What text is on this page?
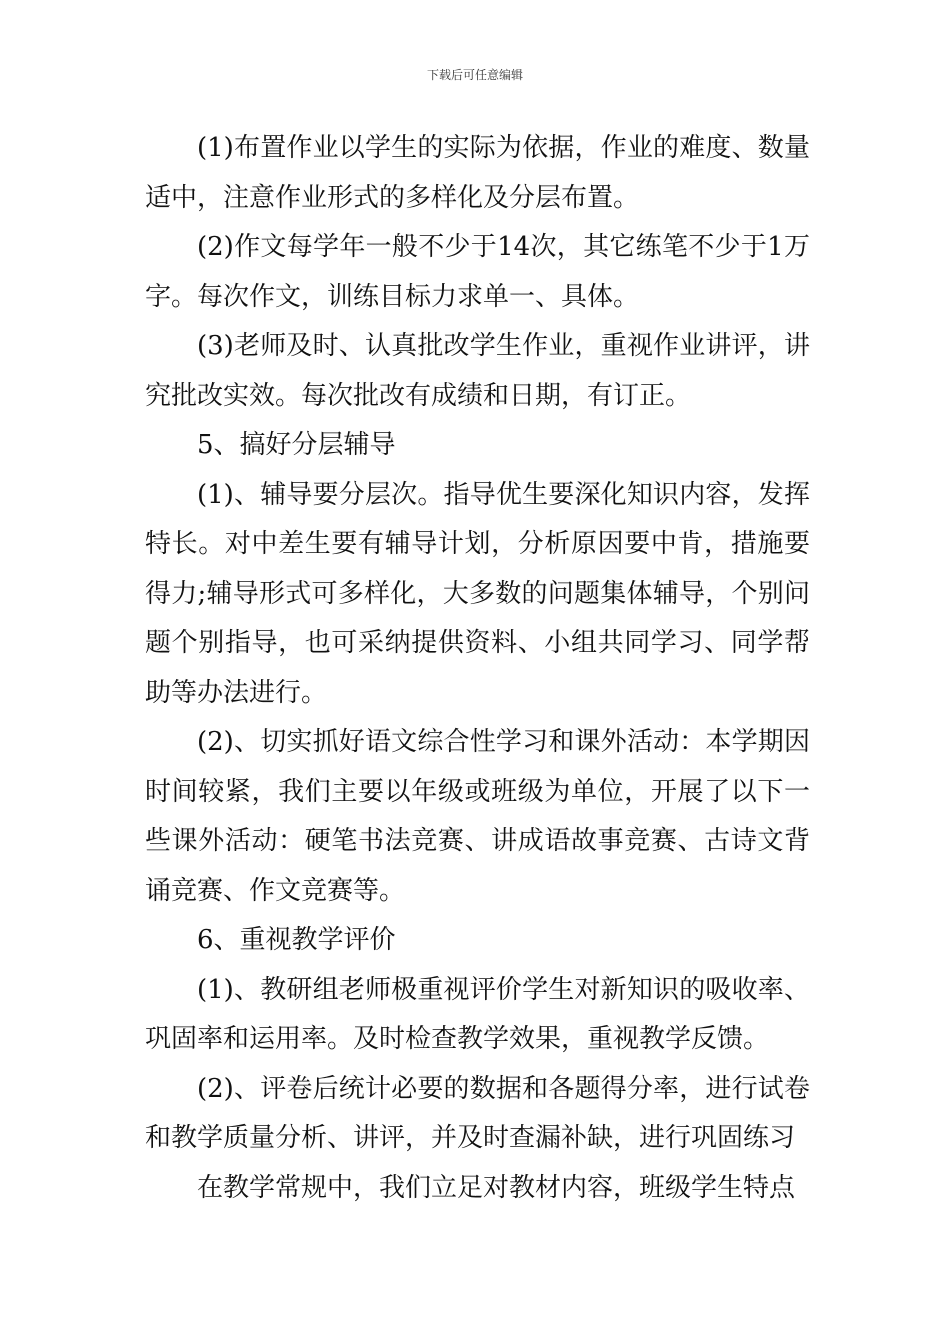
下载后可任意编辑

(1)布置作业以学生的实际为依据，作业的难度、数量适中，注意作业形式的多样化及分层布置。

(2)作文每学年一般不少于14次，其它练笔不少于1万字。每次作文，训练目标力求单一、具体。

(3)老师及时、认真批改学生作业，重视作业讲评，讲究批改实效。每次批改有成绩和日期，有订正。

5、搞好分层辅导

(1)、辅导要分层次。指导优生要深化知识内容，发挥特长。对中差生要有辅导计划，分析原因要中肯，措施要得力;辅导形式可多样化，大多数的问题集体辅导，个别问题个别指导，也可采纳提供资料、小组共同学习、同学帮助等办法进行。

(2)、切实抓好语文综合性学习和课外活动：本学期因时间较紧，我们主要以年级或班级为单位，开展了以下一些课外活动：硬笔书法竞赛、讲成语故事竞赛、古诗文背诵竞赛、作文竞赛等。

6、重视教学评价

(1)、教研组老师极重视评价学生对新知识的吸收率、巩固率和运用率。及时检查教学效果，重视教学反馈。

(2)、评卷后统计必要的数据和各题得分率，进行试卷和教学质量分析、讲评，并及时查漏补缺，进行巩固练习

在教学常规中，我们立足对教材内容，班级学生特点
